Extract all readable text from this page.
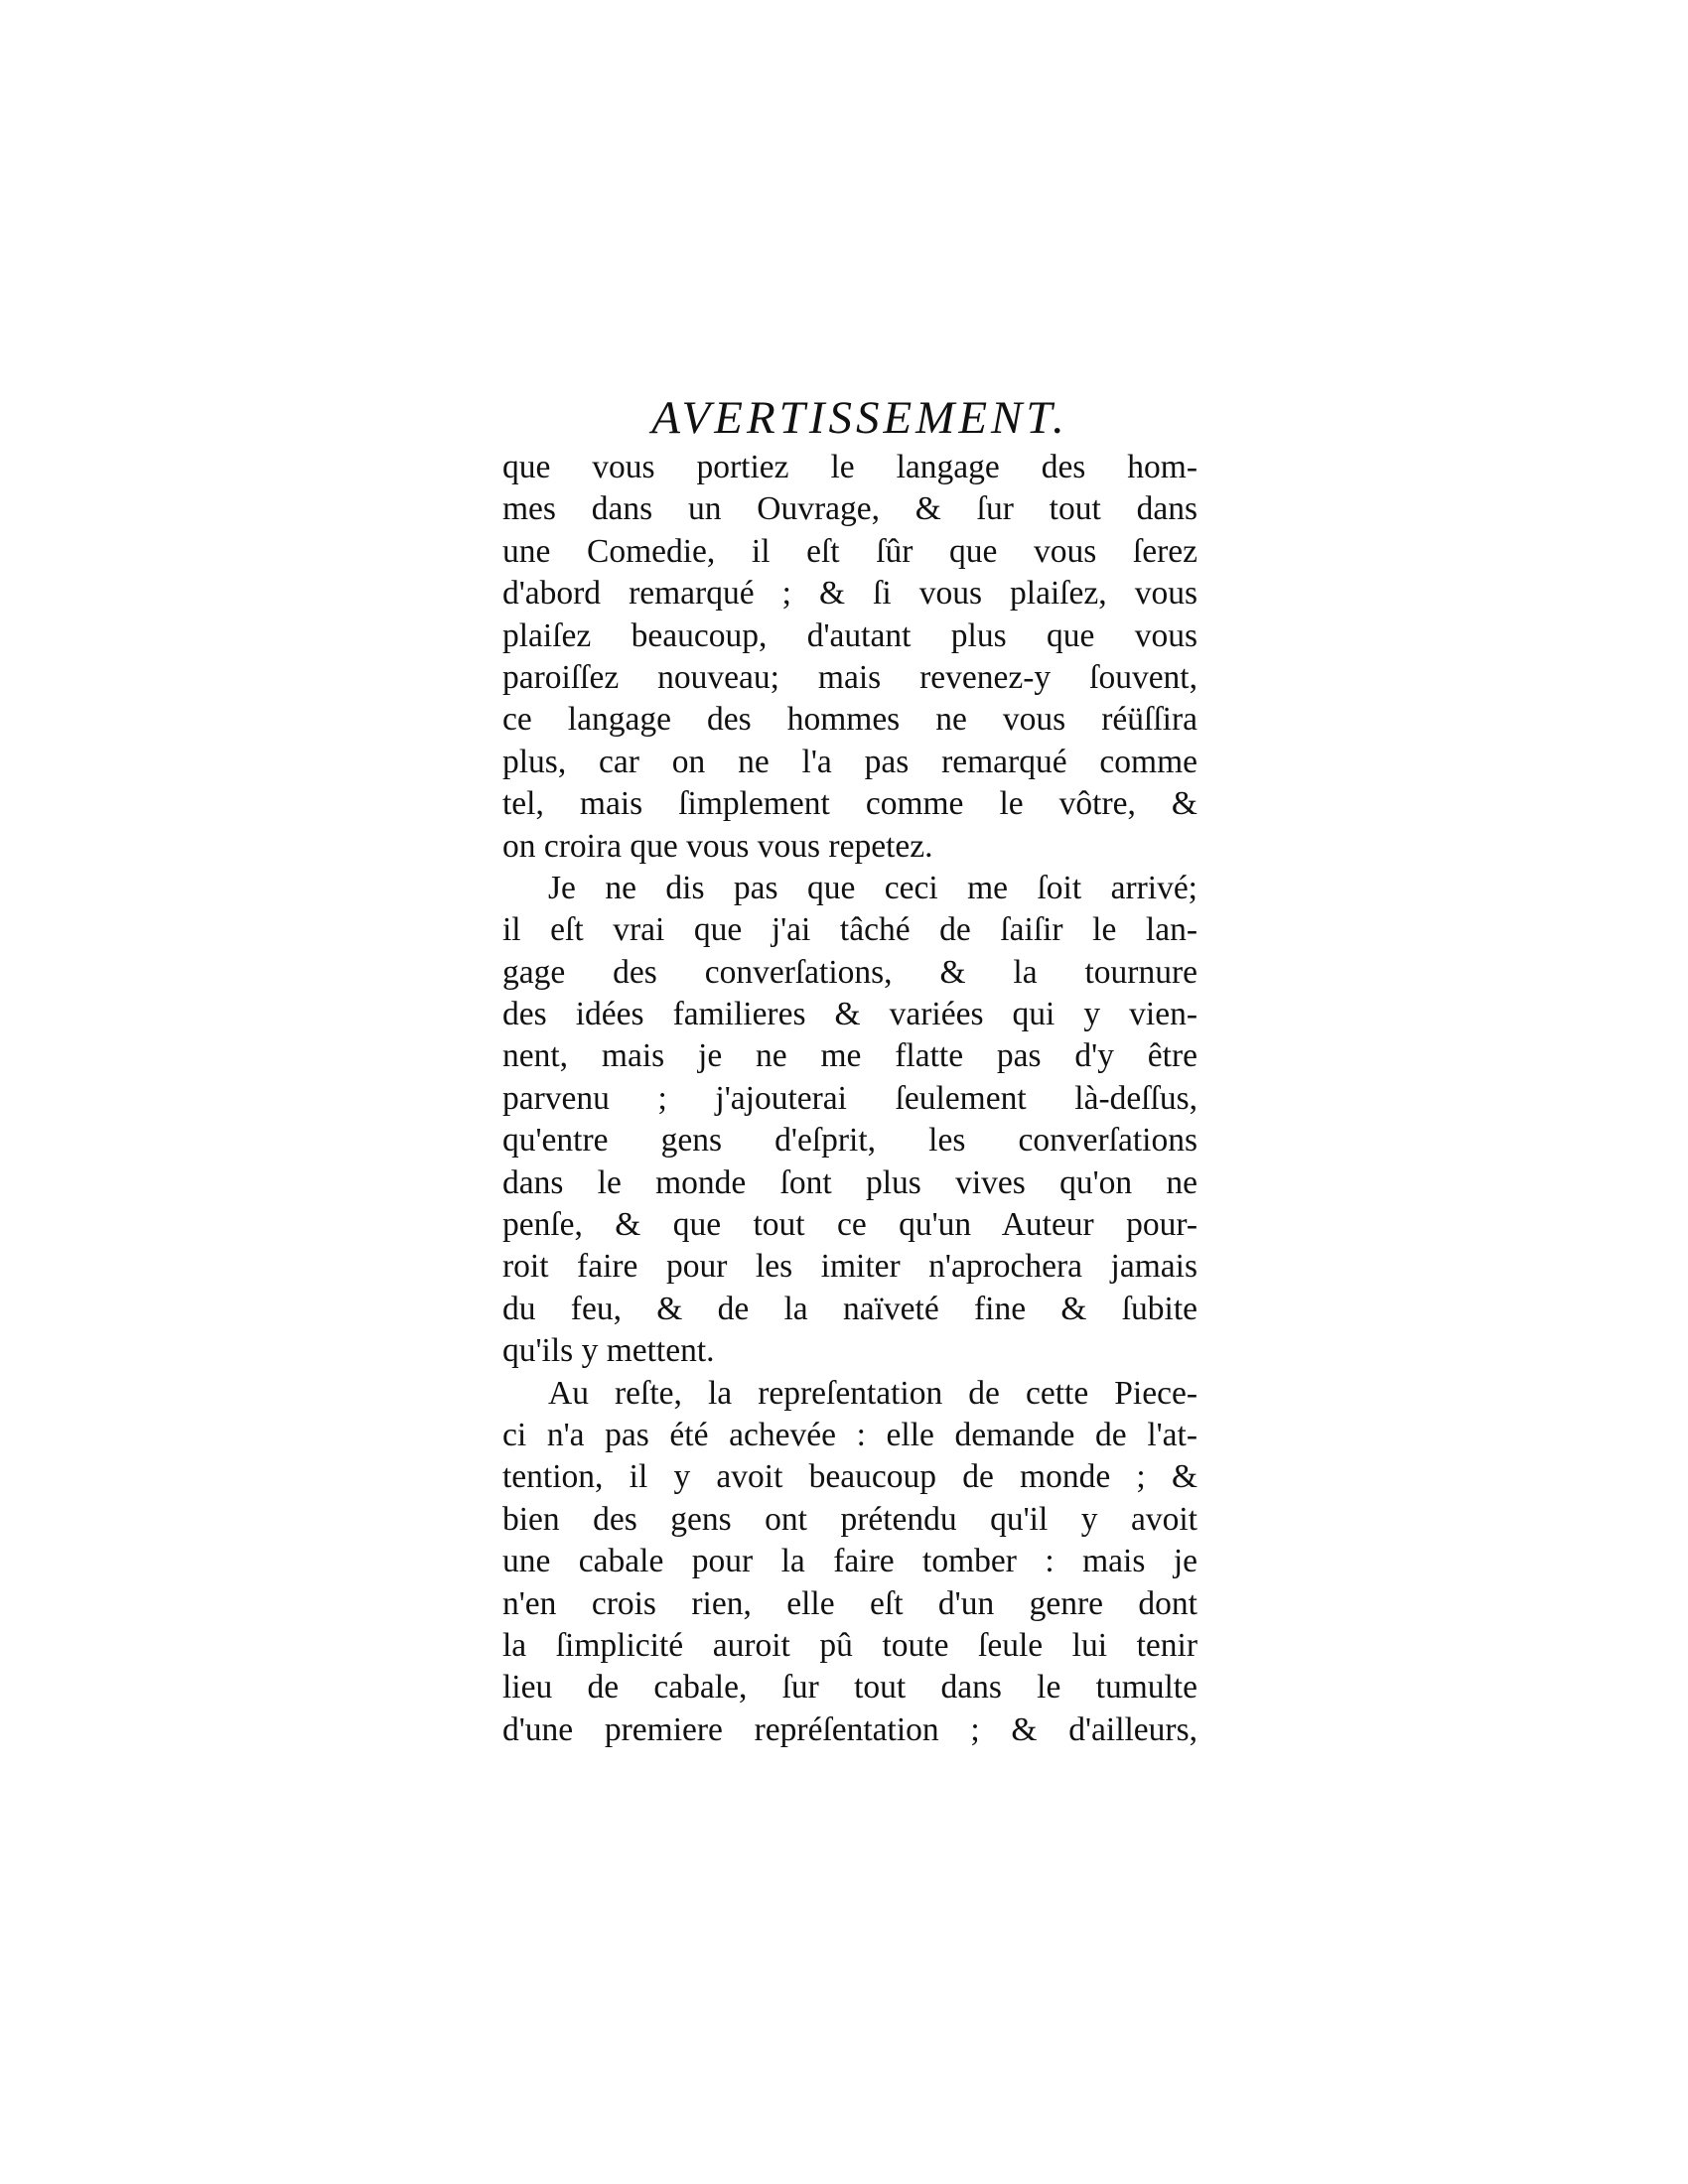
AVERTISSEMENT.
que vous portiez le langage des hom-
mes dans un Ouvrage, & ſur tout dans
une Comedie, il eſt ſûr que vous ſerez
d'abord remarqué ; & ſi vous plaiſez, vous
plaiſez beaucoup, d'autant plus que vous
paroiſſez nouveau; mais revenez-y ſouvent,
ce langage des hommes ne vous réüſſira
plus, car on ne l'a pas remarqué comme
tel, mais ſimplement comme le vôtre, &
on croira que vous vous repetez.
Je ne dis pas que ceci me ſoit arrivé;
il eſt vrai que j'ai tâché de ſaiſir le lan-
gage des converſations, & la tournure
des idées familieres & variées qui y vien-
nent, mais je ne me flatte pas d'y être
parvenu ; j'ajouterai ſeulement là-deſſus,
qu'entre gens d'eſprit, les converſations
dans le monde ſont plus vives qu'on ne
penſe, & que tout ce qu'un Auteur pour-
roit faire pour les imiter n'aprochera jamais
du feu, & de la naïveté fine & ſubite
qu'ils y mettent.
Au reſte, la repreſentation de cette Piece-
ci n'a pas été achevée : elle demande de l'at-
tention, il y avoit beaucoup de monde ; &
bien des gens ont prétendu qu'il y avoit
une cabale pour la faire tomber : mais je
n'en crois rien, elle eſt d'un genre dont
la ſimplicité auroit pû toute ſeule lui tenir
lieu de cabale, ſur tout dans le tumulte
d'une premiere repréſentation ; & d'ailleurs,
